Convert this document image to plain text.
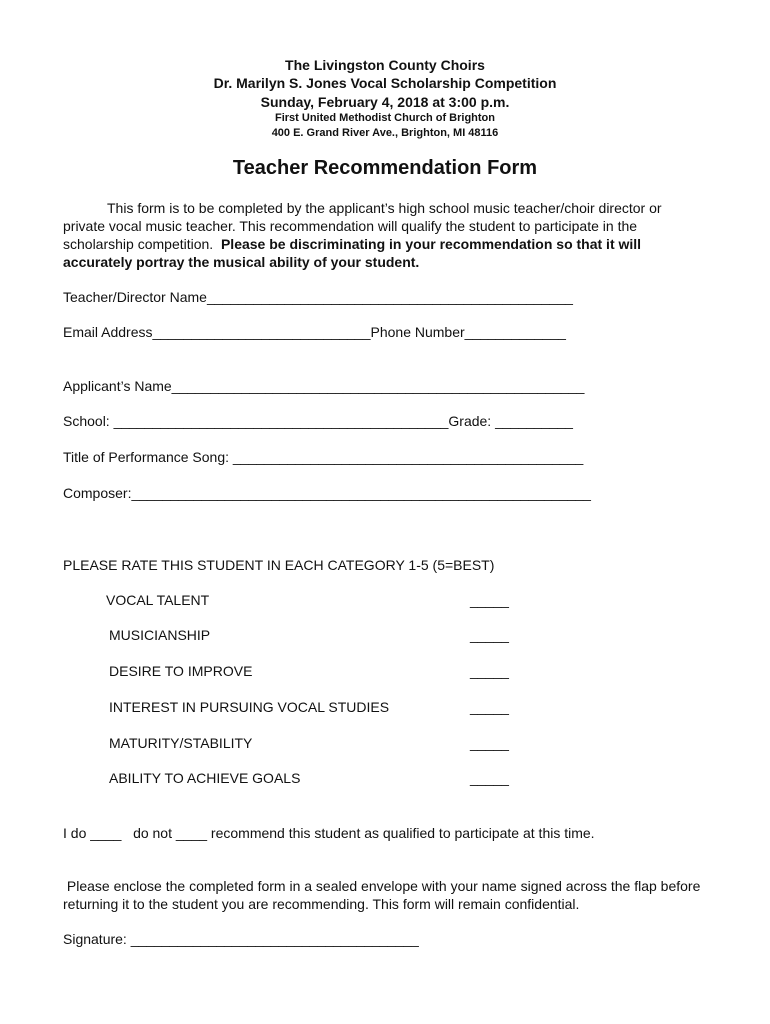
The Livingston County Choirs
Dr. Marilyn S. Jones Vocal Scholarship Competition
Sunday, February 4, 2018 at 3:00 p.m.
First United Methodist Church of Brighton
400 E. Grand River Ave., Brighton, MI 48116
Teacher Recommendation Form
This form is to be completed by the applicant’s high school music teacher/choir director or private vocal music teacher. This recommendation will qualify the student to participate in the scholarship competition. Please be discriminating in your recommendation so that it will accurately portray the musical ability of your student.
Teacher/Director Name_______________________________________________
Email Address____________________________Phone Number_____________
Applicant’s Name_____________________________________________________
School: ___________________________________________Grade: __________
Title of Performance Song: _____________________________________________
Composer:___________________________________________________________
PLEASE RATE THIS STUDENT IN EACH CATEGORY 1-5 (5=BEST)
VOCAL TALENT	_____
MUSICIANSHIP	_____
DESIRE TO IMPROVE	_____
INTEREST IN PURSUING VOCAL STUDIES	_____
MATURITY/STABILITY	_____
ABILITY TO ACHIEVE GOALS	_____
I do ____ do not ____ recommend this student as qualified to participate at this time.
Please enclose the completed form in a sealed envelope with your name signed across the flap before returning it to the student you are recommending. This form will remain confidential.
Signature: _____________________________________
